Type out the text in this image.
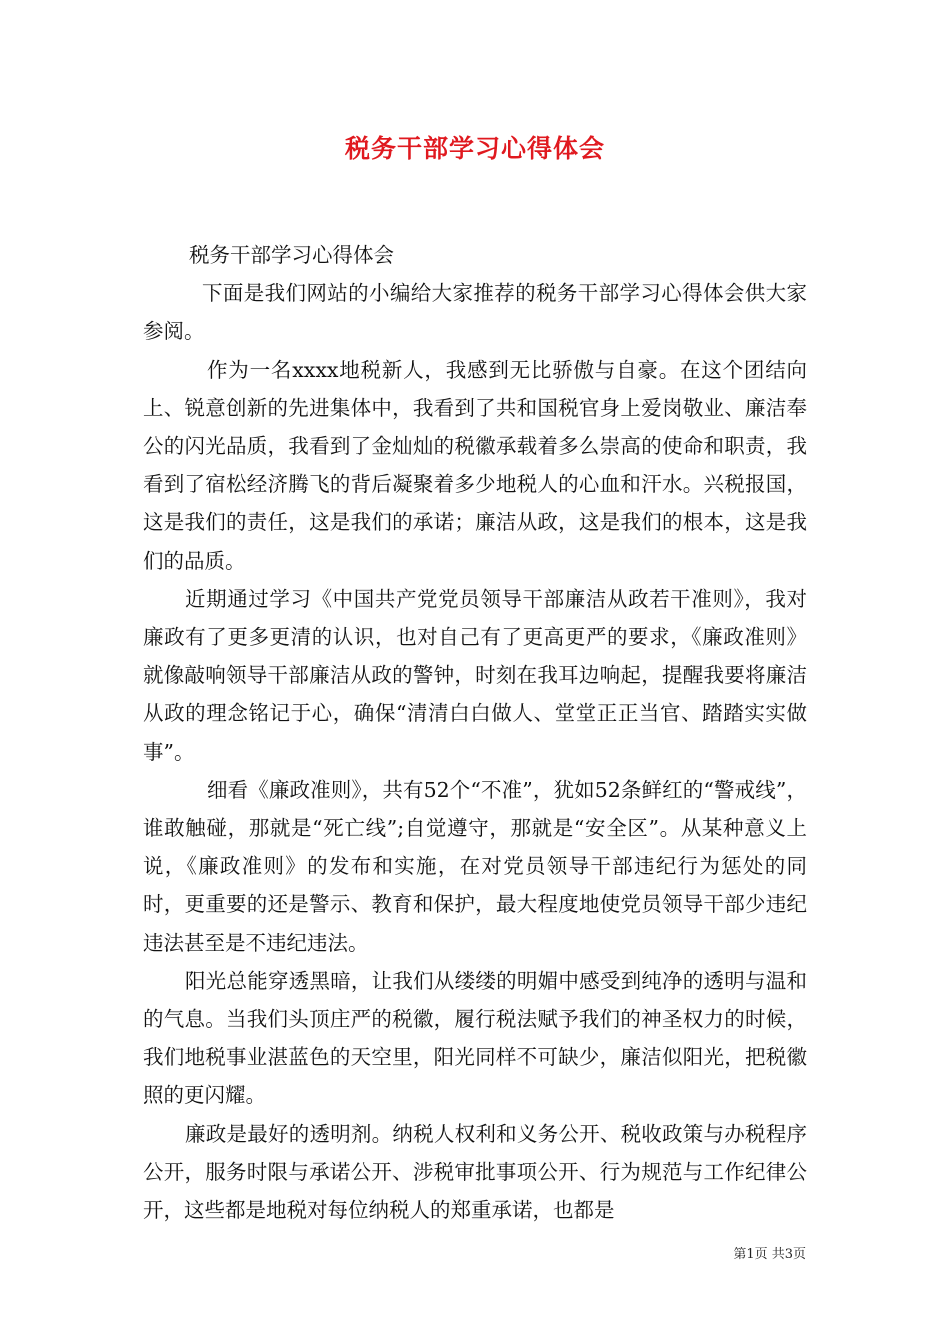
税务干部学习心得体会

税务干部学习心得体会

下面是我们网站的小编给大家推荐的税务干部学习心得体会供大家参阅。

作为一名xxxx地税新人，我感到无比骄傲与自豪。在这个团结向上、锐意创新的先进集体中，我看到了共和国税官身上爱岗敬业、廉洁奉公的闪光品质，我看到了金灿灿的税徽承载着多么崇高的使命和职责，我看到了宿松经济腾飞的背后凝聚着多少地税人的心血和汗水。兴税报国，这是我们的责任，这是我们的承诺；廉洁从政，这是我们的根本，这是我们的品质。

近期通过学习《中国共产党党员领导干部廉洁从政若干准则》，我对廉政有了更多更清的认识，也对自己有了更高更严的要求，《廉政准则》就像敲响领导干部廉洁从政的警钟，时刻在我耳边响起，提醒我要将廉洁从政的理念铭记于心，确保“清清白白做人、堂堂正正当官、踏踏实实做事”。

细看《廉政准则》，共有52个“不准”，犹如52条鲜红的“警戒线”，谁敢触碰，那就是“死亡线”;自觉遵守，那就是“安全区”。从某种意义上说，《廉政准则》的发布和实施，在对党员领导干部违纪行为惩处的同时，更重要的还是警示、教育和保护，最大程度地使党员领导干部少违纪违法甚至是不违纪违法。

阳光总能穿透黑暗，让我们从缕缕的明媚中感受到纯净的透明与温和的气息。当我们头顶庄严的税徽，履行税法赋予我们的神圣权力的时候，我们地税事业湛蓝色的天空里，阳光同样不可缺少，廉洁似阳光，把税徽照的更闪耀。

廉政是最好的透明剂。纳税人权利和义务公开、税收政策与办税程序公开，服务时限与承诺公开、涉税审批事项公开、行为规范与工作纪律公开，这些都是地税对每位纳税人的郑重承诺，也都是

第1页 共3页
